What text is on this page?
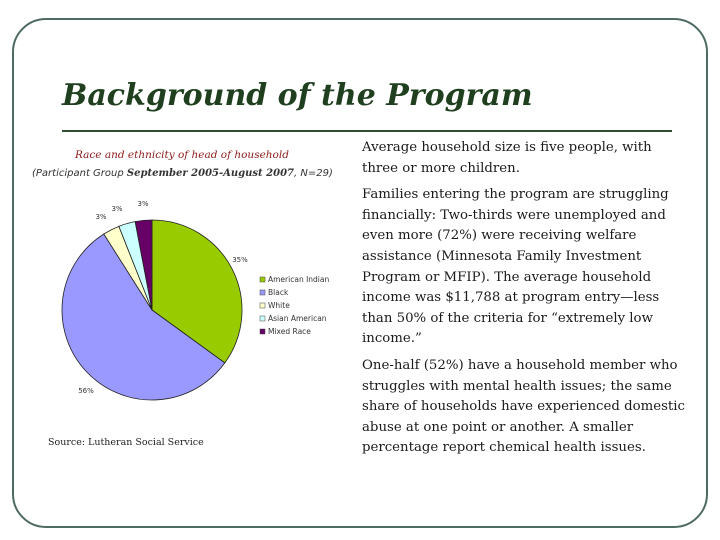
Background of the Program

Race and ethnicity of head of household

(Participant Group September 2005-August 2007, N=29)

35%
56%
3%
3%
3%
American Indian
Black
White
Asian American
Mixed Race

Source: Lutheran Social Service

Average household size is five people, with three or more children.
Families entering the program are struggling financially: Two-thirds were unemployed and even more (72%) were receiving welfare assistance (Minnesota Family Investment Program or MFIP). The average household income was $11,788 at program entry—less than 50% of the criteria for “extremely low income.”
One-half (52%) have a household member who struggles with mental health issues; the same share of households have experienced domestic abuse at one point or another. A smaller percentage report chemical health issues.
